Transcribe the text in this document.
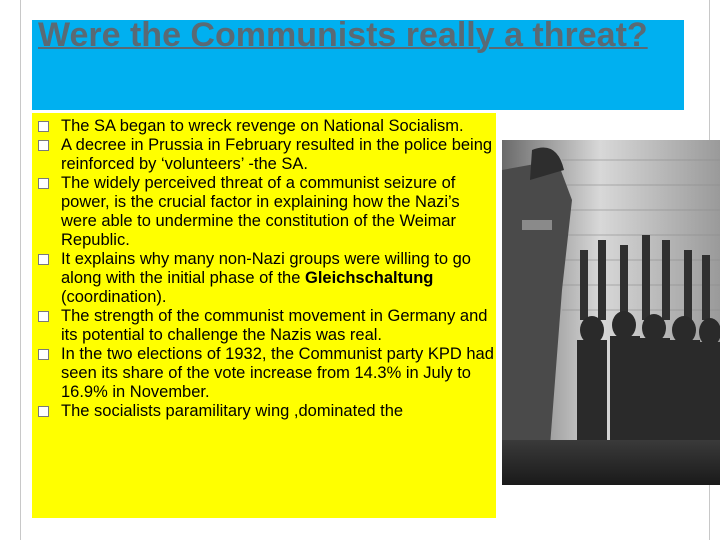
Were the Communists really a threat?
The SA began to wreck revenge on National Socialism.
A decree in Prussia in February resulted in the police being reinforced by ‘volunteers’ -the SA.
The widely perceived threat of a communist seizure of power, is the crucial factor in explaining how the Nazi’s were able to undermine the constitution of the Weimar Republic.
It explains why many non-Nazi groups were willing to go along with the initial phase of the Gleichschaltung (coordination).
The strength of the communist movement in Germany and its potential to challenge the Nazis was real.
In the two elections of 1932, the Communist party KPD had seen its share of the vote increase from 14.3% in July to 16.9% in November.
The socialists paramilitary wing ,dominated the
